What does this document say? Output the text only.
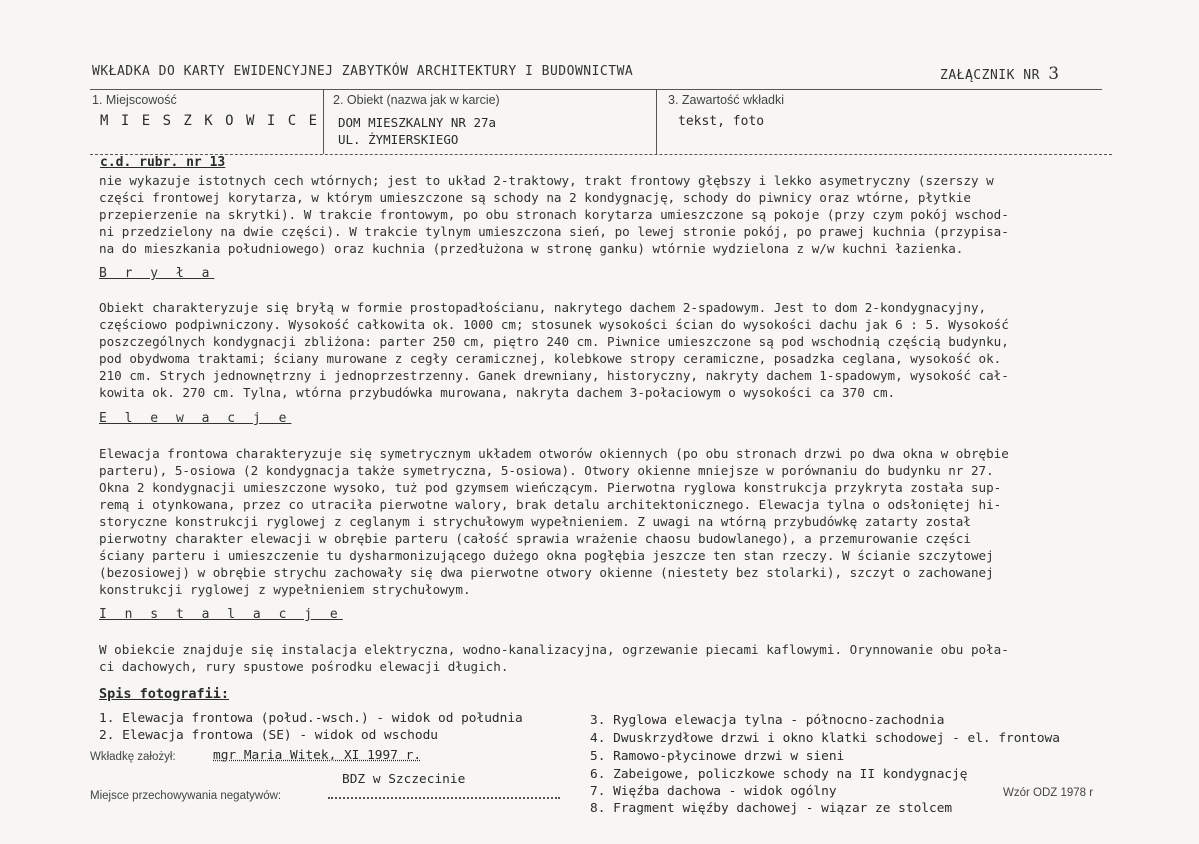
WKŁADKA DO KARTY EWIDENCYJNEJ ZABYTKÓW ARCHITEKTURY I BUDOWNICTWA	ZAŁĄCZNIK NR 3
1. Miejscowość
M I E S Z K O W I C E
2. Obiekt (nazwa jak w karcie)
DOM MIESZKALNY NR 27a
UL. ŻYMIERSKIEGO
3. Zawartość wkładki
tekst, foto
c.d. rubr. nr 13
nie wykazuje istotnych cech wtórnych; jest to układ 2-traktowy, trakt frontowy głębszy i lekko asymetryczny (szerszy w
części frontowej korytarza, w którym umieszczone są schody na 2 kondygnację, schody do piwnicy oraz wtórne, płytkie
przepierzenie na skrytki). W trakcie frontowym, po obu stronach korytarza umieszczone są pokoje (przy czym pokój wschod-
ni przedzielony na dwie części). W trakcie tylnym umieszczona sień, po lewej stronie pokój, po prawej kuchnia (przypisa-
na do mieszkania południowego) oraz kuchnia (przedłużona w stronę ganku) wtórnie wydzielona z w/w kuchni łazienka.
B r y ł a
Obiekt charakteryzuje się bryłą w formie prostopadłościanu, nakrytego dachem 2-spadowym. Jest to dom 2-kondygnacyjny,
częściowo podpiwniczony. Wysokość całkowita ok. 1000 cm; stosunek wysokości ścian do wysokości dachu jak 6 : 5. Wysokość
poszczególnych kondygnacji zbliżona: parter 250 cm, piętro 240 cm. Piwnice umieszczone są pod wschodnią częścią budynku,
pod obydwoma traktami; ściany murowane z cegły ceramicznej, kolebkowe stropy ceramiczne, posadzka ceglana, wysokość ok.
210 cm. Strych jednownętrzny i jednoprzestrzenny. Ganek drewniany, historyczny, nakryty dachem 1-spadowym, wysokość cał-
kowita ok. 270 cm. Tylna, wtórna przybudówka murowana, nakryta dachem 3-połaciowym o wysokości ca 370 cm.
E l e w a c j e
Elewacja frontowa charakteryzuje się symetrycznym układem otworów okiennych (po obu stronach drzwi po dwa okna w obrębie
parteru), 5-osiowa (2 kondygnacja także symetryczna, 5-osiowa). Otwory okienne mniejsze w porównaniu do budynku nr 27.
Okna 2 kondygnacji umieszczone wysoko, tuż pod gzymsem wieńczącym. Pierwotna ryglowa konstrukcja przykryta została sup-
remą i otynkowana, przez co utraciła pierwotne walory, brak detalu architektonicznego. Elewacja tylna o odsłoniętej hi-
storyczne konstrukcji ryglowej z ceglanym i strychułowym wypełnieniem. Z uwagi na wtórną przybudówkę zatarty został
pierwotny charakter elewacji w obrębie parteru (całość sprawia wrażenie chaosu budowlanego), a przemurowanie części
ściany parteru i umieszczenie tu dysharmonizującego dużego okna pogłębia jeszcze ten stan rzeczy. W ścianie szczytowej
(bezosiowej) w obrębie strychu zachowały się dwa pierwotne otwory okienne (niestety bez stolarki), szczyt o zachowanej
konstrukcji ryglowej z wypełnieniem strychułowym.
I n s t a l a c j e
W obiekcie znajduje się instalacja elektryczna, wodno-kanalizacyjna, ogrzewanie piecami kaflowymi. Orynnowanie obu poła-
ci dachowych, rury spustowe pośrodku elewacji długich.
Spis fotografii:
1. Elewacja frontowa (połud.-wsch.) - widok od południa
2. Elewacja frontowa (SE) - widok od wschodu
3. Ryglowa elewacja tylna - północno-zachodnia
4. Dwuskrzydłowe drzwi i okno klatki schodowej - el. frontowa
5. Ramowo-płycinowe drzwi w sieni
6. Zabeigowe, policzkowe schody na II kondygnację
7. Więźba dachowa - widok ogólny
8. Fragment więźby dachowej - wiązar ze stolcem
Wkładkę założył:	mgr Maria Witek, XI 1997 r.
BDZ w Szczecinie
Miejsce przechowywania negatywów:	Wzór ODZ 1978 r
